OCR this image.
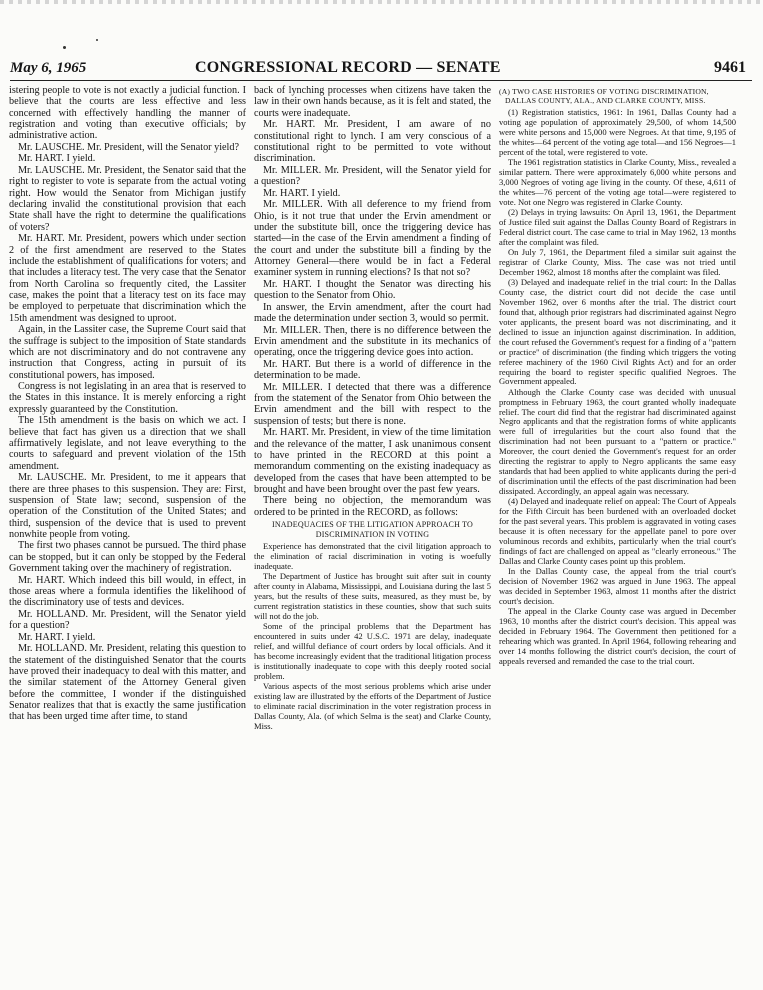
May 6, 1965	CONGRESSIONAL RECORD — SENATE	9461

istering people to vote is not exactly a judicial function. I believe that the courts are less effective and less concerned with effectively handling the manner of registration and voting than executive officials; by administrative action.

Mr. LAUSCHE. Mr. President, will the Senator yield?

Mr. HART. I yield.

Mr. LAUSCHE. Mr. President, the Senator said that the right to register to vote is separate from the actual voting right. How would the Senator from Michigan justify declaring invalid the constitutional provision that each State shall have the right to determine the qualifications of voters?

Mr. HART. Mr. President, powers which under section 2 of the first amendment are reserved to the States include the establishment of qualifications for voters; and that includes a literacy test. The very case that the Senator from North Carolina so frequently cited, the Lassiter case, makes the point that a literacy test on its face may be employed to perpetuate that discrimination which the 15th amendment was designed to uproot.

Again, in the Lassiter case, the Supreme Court said that the suffrage is subject to the imposition of State standards which are not discriminatory and do not contravene any instruction that Congress, acting in pursuit of its constitutional powers, has imposed.

Congress is not legislating in an area that is reserved to the States in this instance. It is merely enforcing a right expressly guaranteed by the Constitution.

The 15th amendment is the basis on which we act. I believe that fact has given us a direction that we shall affirmatively legislate, and not leave everything to the courts to safeguard and prevent violation of the 15th amendment.

Mr. LAUSCHE. Mr. President, to me it appears that there are three phases to this suspension. They are: First, suspension of State law; second, suspension of the operation of the Constitution of the United States; and third, suspension of the device that is used to prevent nonwhite people from voting.

The first two phases cannot be pursued. The third phase can be stopped, but it can only be stopped by the Federal Government taking over the machinery of registration.

Mr. HART. Which indeed this bill would, in effect, in those areas where a formula identifies the likelihood of the discriminatory use of tests and devices.

Mr. HOLLAND. Mr. President, will the Senator yield for a question?

Mr. HART. I yield.

Mr. HOLLAND. Mr. President, relating this question to the statement of the distinguished Senator that the courts have proved their inadequacy to deal with this matter, and the similar statement of the Attorney General given before the committee, I wonder if the distinguished Senator realizes that that is exactly the same justification that has been urged time after time, to stand

back of lynching processes when citizens have taken the law in their own hands because, as it is felt and stated, the courts were inadequate.

Mr. HART. Mr. President, I am aware of no constitutional right to lynch. I am very conscious of a constitutional right to be permitted to vote without discrimination.

Mr. MILLER. Mr. President, will the Senator yield for a question?

Mr. HART. I yield.

Mr. MILLER. With all deference to my friend from Ohio, is it not true that under the Ervin amendment or under the substitute bill, once the triggering device has started—in the case of the Ervin amendment a finding of the court and under the substitute bill a finding by the Attorney General—there would be in fact a Federal examiner system in running elections? Is that not so?

Mr. HART. I thought the Senator was directing his question to the Senator from Ohio.

In answer, the Ervin amendment, after the court had made the determination under section 3, would so permit.

Mr. MILLER. Then, there is no difference between the Ervin amendment and the substitute in its mechanics of operating, once the triggering device goes into action.

Mr. HART. But there is a world of difference in the determination to be made.

Mr. MILLER. I detected that there was a difference from the statement of the Senator from Ohio between the Ervin amendment and the bill with respect to the suspension of tests; but there is none.

Mr. HART. Mr. President, in view of the time limitation and the relevance of the matter, I ask unanimous consent to have printed in the RECORD at this point a memorandum commenting on the existing inadequacy as developed from the cases that have been attempted to be brought and have been brought over the past few years.

There being no objection, the memorandum was ordered to be printed in the RECORD, as follows:

INADEQUACIES OF THE LITIGATION APPROACH TO DISCRIMINATION IN VOTING

Experience has demonstrated that the civil litigation approach to the elimination of racial discrimination in voting is woefully inadequate.

The Department of Justice has brought suit after suit in county after county in Alabama, Mississippi, and Louisiana during the last 5 years, but the results of these suits, measured, as they must be, by current registration statistics in these counties, show that such suits will not do the job.

Some of the principal problems that the Department has encountered in suits under 42 U.S.C. 1971 are delay, inadequate relief, and willful defiance of court orders by local officials. And it has become increasingly evident that the traditional litigation process is institutionally inadequate to cope with this deeply rooted social problem.

Various aspects of the most serious problems which arise under existing law are illustrated by the efforts of the Department of Justice to eliminate racial discrimination in the voter registration process in Dallas County, Ala. (of which Selma is the seat) and Clarke County, Miss.

(A) TWO CASE HISTORIES OF VOTING DISCRIMINATION, DALLAS COUNTY, ALA., AND CLARKE COUNTY, MISS.

(1) Registration statistics, 1961: In 1961, Dallas County had a voting age population of approximately 29,500, of whom 14,500 were white persons and 15,000 were Negroes. At that time, 9,195 of the whites—64 percent of the voting age total—and 156 Negroes—1 percent of the total, were registered to vote.

The 1961 registration statistics in Clarke County, Miss., revealed a similar pattern. There were approximately 6,000 white persons and 3,000 Negroes of voting age living in the county. Of these, 4,611 of the whites—76 percent of the voting age total—were registered to vote. Not one Negro was registered in Clarke County.

(2) Delays in trying lawsuits: On April 13, 1961, the Department of Justice filed suit against the Dallas County Board of Registrars in Federal district court. The case came to trial in May 1962, 13 months after the complaint was filed.

On July 7, 1961, the Department filed a similar suit against the registrar of Clarke County, Miss. The case was not tried until December 1962, almost 18 months after the complaint was filed.

(3) Delayed and inadequate relief in the trial court: In the Dallas County case, the district court did not decide the case until November 1962, over 6 months after the trial. The district court found that, although prior registrars had discriminated against Negro voter applicants, the present board was not discriminating, and it declined to issue an injunction against discrimination. In addition, the court refused the Government's request for a finding of a "pattern or practice" of discrimination (the finding which triggers the voting referee machinery of the 1960 Civil Rights Act) and for an order requiring the board to register specific qualified Negroes. The Government appealed.

Although the Clarke County case was decided with unusual promptness in February 1963, the court granted wholly inadequate relief. The court did find that the registrar had discriminated against Negro applicants and that the registration forms of white applicants were full of irregularities but the court also found that the discrimination had not been pursuant to a "pattern or practice." Moreover, the court denied the Government's request for an order directing the registrar to apply to Negro applicants the same easy standards that had been applied to white applicants during the peri-d of discrimination until the effects of the past discrimination had been dissipated. Accordingly, an appeal again was necessary.

(4) Delayed and inadequate relief on appeal: The Court of Appeals for the Fifth Circuit has been burdened with an overloaded docket for the past several years. This problem is aggravated in voting cases because it is often necessary for the appellate panel to pore over voluminous records and exhibits, particularly when the trial court's findings of fact are challenged on appeal as "clearly erroneous." The Dallas and Clarke County cases point up this problem.

In the Dallas County case, the appeal from the trial court's decision of November 1962 was argued in June 1963. The appeal was decided in September 1963, almost 11 months after the district court's decision.

The appeal in the Clarke County case was argued in December 1963, 10 months after the district court's decision. This appeal was decided in February 1964. The Government then petitioned for a rehearing which was granted. In April 1964, following rehearing and over 14 months following the district court's decision, the court of appeals reversed and remanded the case to the trial court.
